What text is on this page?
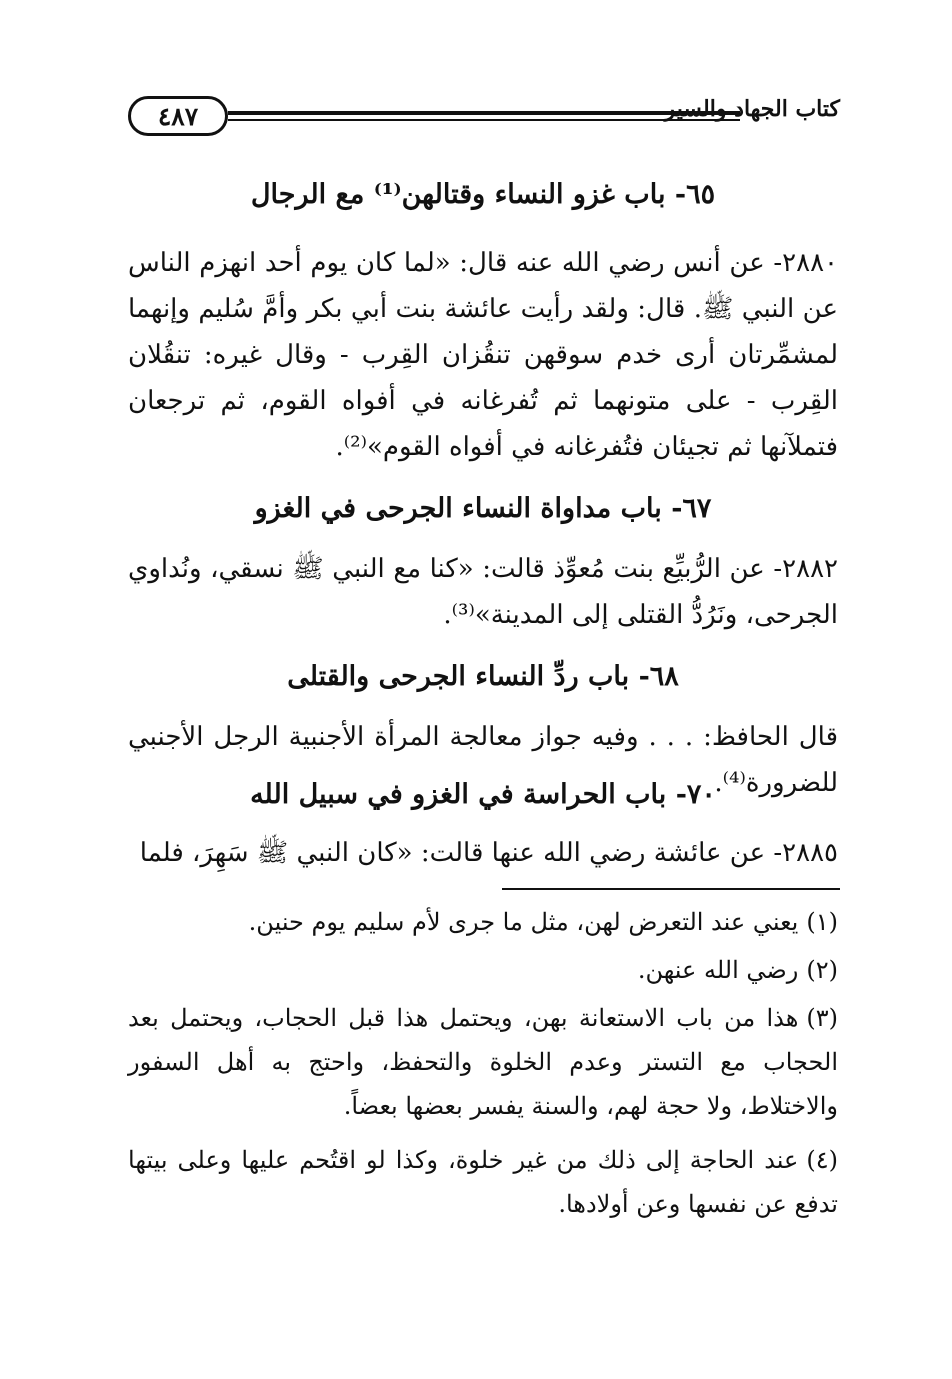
٤٨٧	كتاب الجهاد والسير
٦٥- باب غزو النساء وقتالهن⁽¹⁾ مع الرجال
٢٨٨٠- عن أنس رضي الله عنه قال: «لما كان يوم أحد انهزم الناس عن النبي ﷺ. قال: ولقد رأيت عائشة بنت أبي بكر وأمَّ سُليم وإنهما لمشمِّرتان أرى خدم سوقهن تنقُزان القِرب - وقال غيره: تنقُلان القِرب - على متونهما ثم تُفرغانه في أفواه القوم، ثم ترجعان فتملآنها ثم تجيئان فتُفرغانه في أفواه القوم»⁽²⁾.
٦٧- باب مداواة النساء الجرحى في الغزو
٢٨٨٢- عن الرُّبيِّع بنت مُعوِّذ قالت: «كنا مع النبي ﷺ نسقي، ونُداوي الجرحى، ونَرُدُّ القتلى إلى المدينة»⁽³⁾.
٦٨- باب ردِّ النساء الجرحى والقتلى
قال الحافظ: . . . وفيه جواز معالجة المرأة الأجنبية الرجل الأجنبي للضرورة⁽⁴⁾.
٧٠- باب الحراسة في الغزو في سبيل الله
٢٨٨٥- عن عائشة رضي الله عنها قالت: «كان النبي ﷺ سَهِرَ، فلما
(١)يعني عند التعرض لهن، مثل ما جرى لأم سليم يوم حنين.
(٢)رضي الله عنهن.
(٣)هذا من باب الاستعانة بهن، ويحتمل هذا قبل الحجاب، ويحتمل بعد الحجاب مع التستر وعدم الخلوة والتحفظ، واحتج به أهل السفور والاختلاط، ولا حجة لهم، والسنة يفسر بعضها بعضاً.
(٤)عند الحاجة إلى ذلك من غير خلوة، وكذا لو اقتُحم عليها وعلى بيتها تدفع عن نفسها وعن أولادها.
